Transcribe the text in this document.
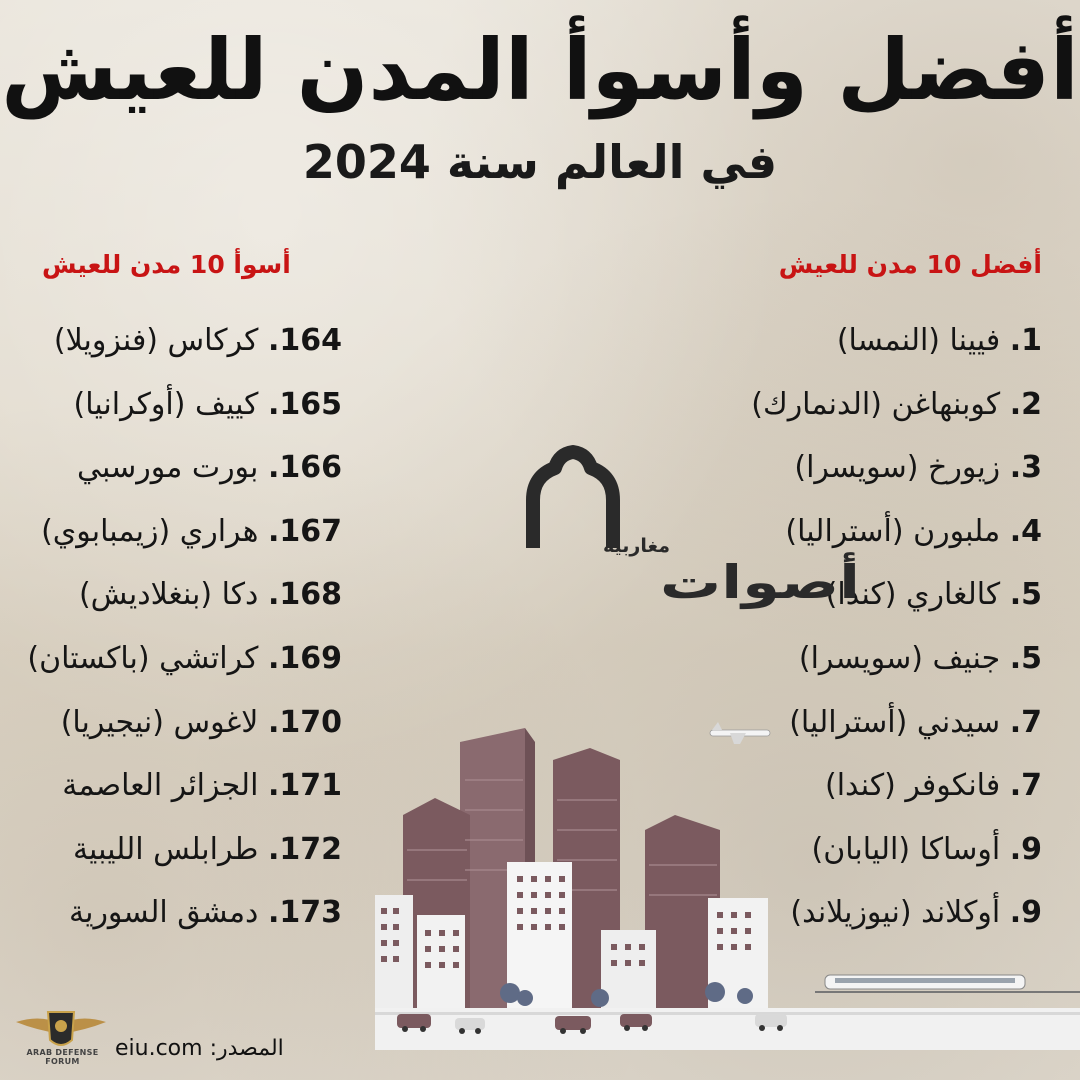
أفضل وأسوأ المدن للعيش
في العالم سنة 2024
أفضل 10 مدن للعيش
أسوأ 10 مدن للعيش
1. فيينا (النمسا)
2. كوبنهاغن (الدنمارك)
3. زيورخ (سويسرا)
4. ملبورن (أستراليا)
5. كالغاري (كندا)
5. جنيف (سويسرا)
7. سيدني (أستراليا)
7. فانكوفر (كندا)
9. أوساكا (اليابان)
9. أوكلاند (نيوزيلاند)
164. كركاس (فنزويلا)
165. كييف (أوكرانيا)
166. بورت مورسبي
167. هراري (زيمبابوي)
168. دكا (بنغلاديش)
169. كراتشي (باكستان)
170. لاغوس (نيجيريا)
171. الجزائر العاصمة
172. طرابلس الليبية
173. دمشق السورية
مغاربية
أصوات
المصدر: eiu.com
ARAB DEFENSE FORUM
